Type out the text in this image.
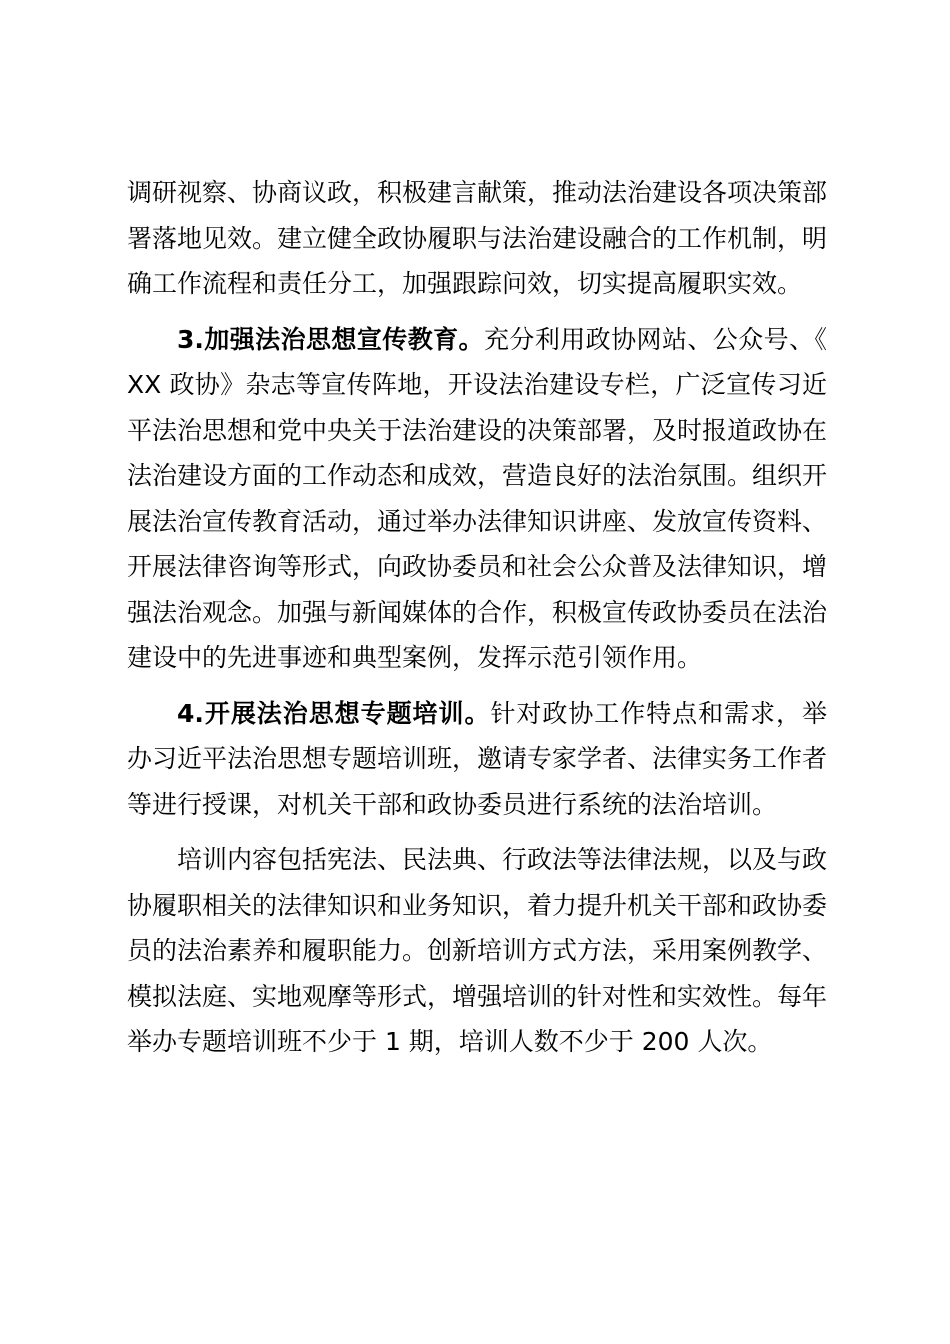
调研视察、协商议政，积极建言献策，推动法治建设各项决策部署落地见效。建立健全政协履职与法治建设融合的工作机制，明确工作流程和责任分工，加强跟踪问效，切实提高履职实效。

3.加强法治思想宣传教育。充分利用政协网站、公众号、《XX 政协》杂志等宣传阵地，开设法治建设专栏，广泛宣传习近平法治思想和党中央关于法治建设的决策部署，及时报道政协在法治建设方面的工作动态和成效，营造良好的法治氛围。组织开展法治宣传教育活动，通过举办法律知识讲座、发放宣传资料、开展法律咨询等形式，向政协委员和社会公众普及法律知识，增强法治观念。加强与新闻媒体的合作，积极宣传政协委员在法治建设中的先进事迹和典型案例，发挥示范引领作用。

4.开展法治思想专题培训。针对政协工作特点和需求，举办习近平法治思想专题培训班，邀请专家学者、法律实务工作者等进行授课，对机关干部和政协委员进行系统的法治培训。

培训内容包括宪法、民法典、行政法等法律法规，以及与政协履职相关的法律知识和业务知识，着力提升机关干部和政协委员的法治素养和履职能力。创新培训方式方法，采用案例教学、模拟法庭、实地观摩等形式，增强培训的针对性和实效性。每年举办专题培训班不少于 1 期，培训人数不少于 200 人次。
